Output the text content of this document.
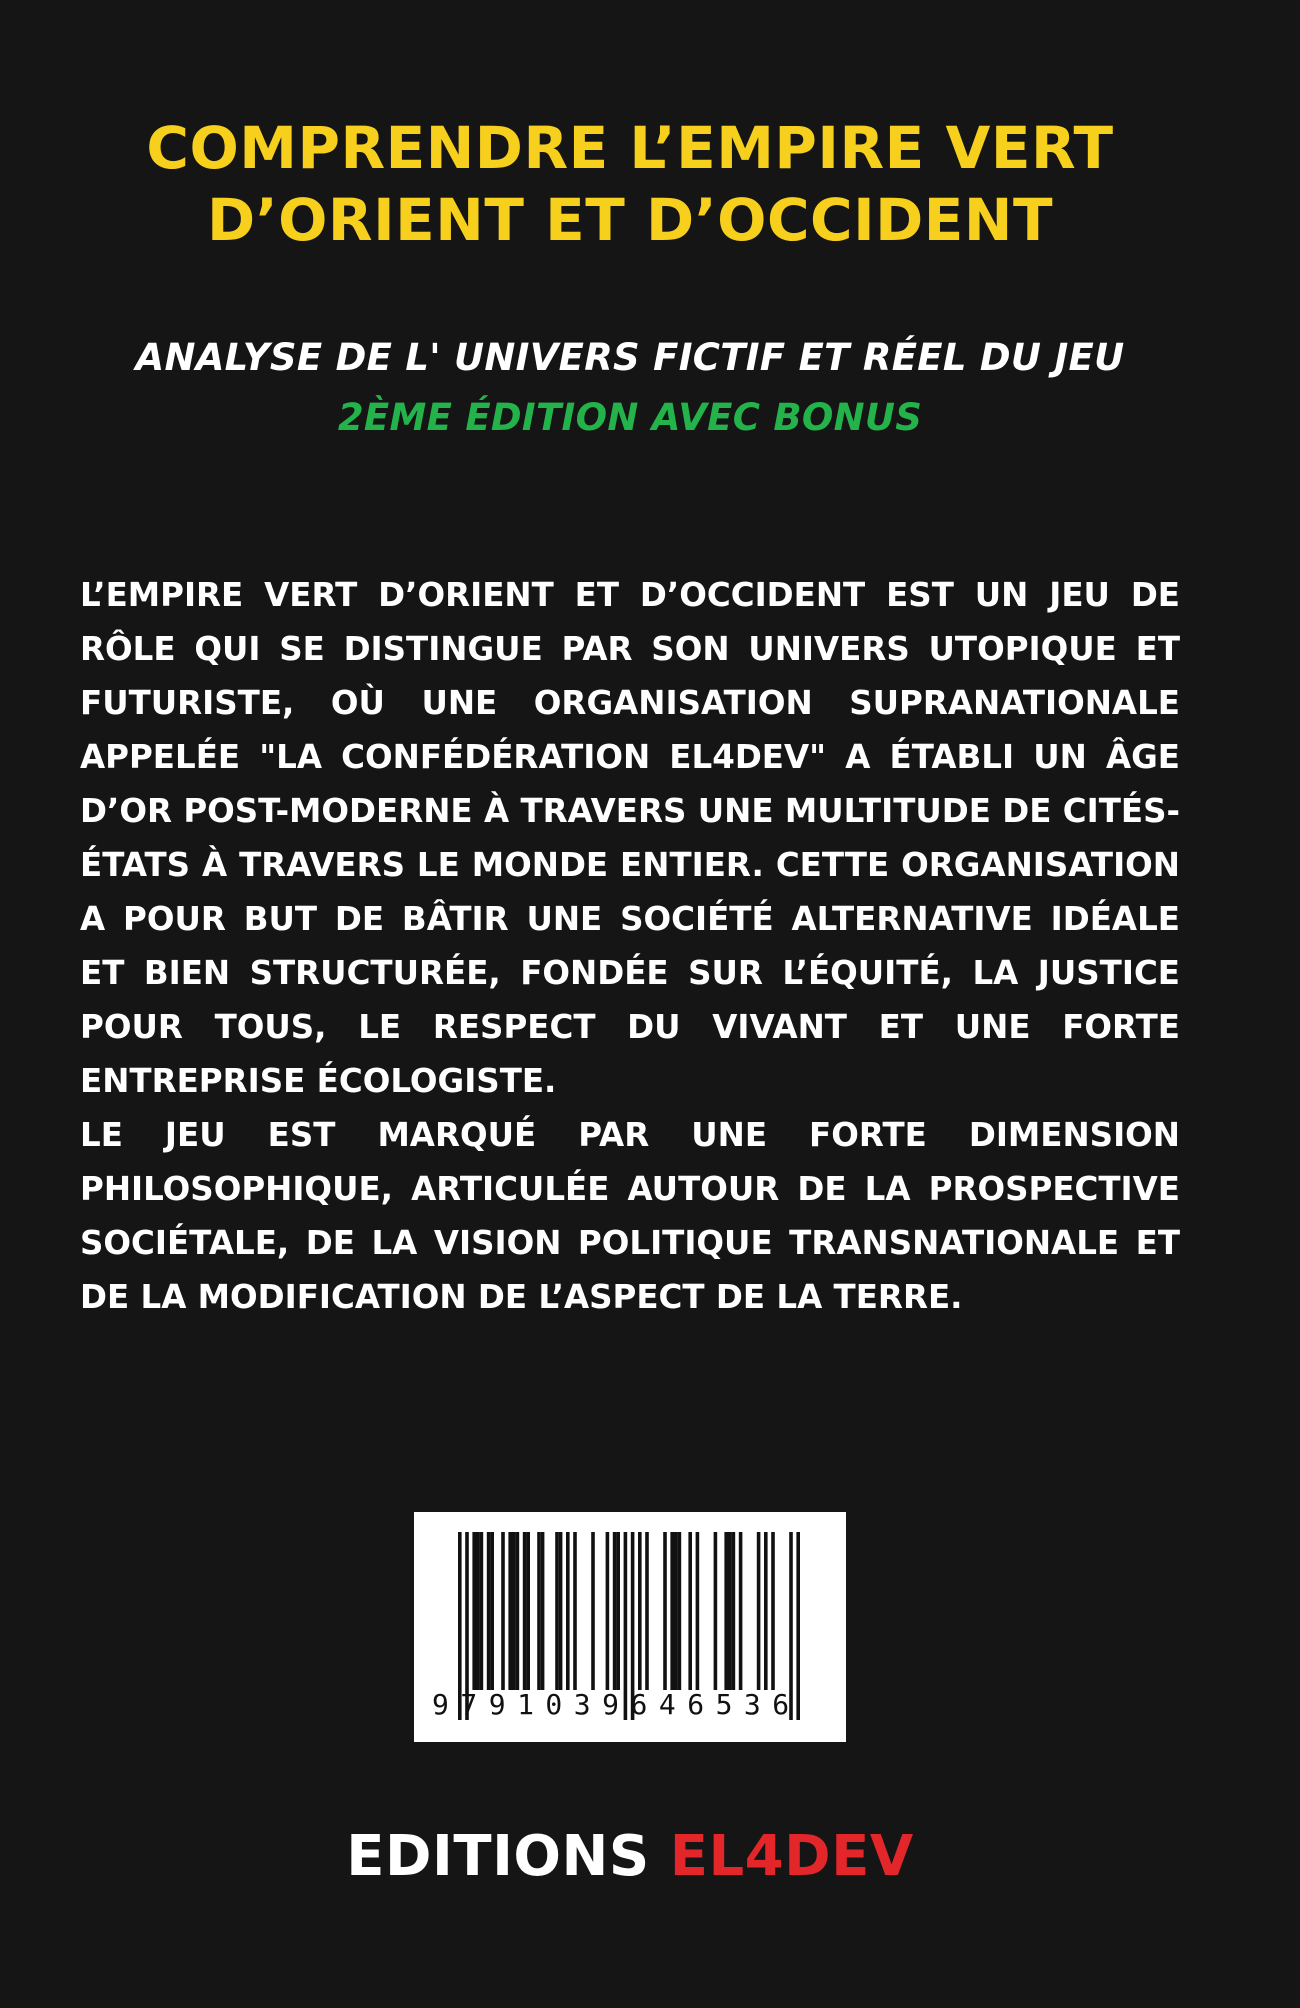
COMPRENDRE L’EMPIRE VERT
D’ORIENT ET D’OCCIDENT
ANALYSE DE L' UNIVERS FICTIF ET RÉEL DU JEU
2ÈME ÉDITION AVEC BONUS

L’EMPIRE VERT D’ORIENT ET D’OCCIDENT EST UN JEU DE RÔLE QUI SE DISTINGUE PAR SON UNIVERS UTOPIQUE ET FUTURISTE, OÙ UNE ORGANISATION SUPRANATIONALE APPELÉE "LA CONFÉDÉRATION EL4DEV" A ÉTABLI UN ÂGE D’OR POST-MODERNE À TRAVERS UNE MULTITUDE DE CITÉS-ÉTATS À TRAVERS LE MONDE ENTIER. CETTE ORGANISATION A POUR BUT DE BÂTIR UNE SOCIÉTÉ ALTERNATIVE IDÉALE ET BIEN STRUCTURÉE, FONDÉE SUR L’ÉQUITÉ, LA JUSTICE POUR TOUS, LE RESPECT DU VIVANT ET UNE FORTE ENTREPRISE ÉCOLOGISTE.

LE JEU EST MARQUÉ PAR UNE FORTE DIMENSION PHILOSOPHIQUE, ARTICULÉE AUTOUR DE LA PROSPECTIVE SOCIÉTALE, DE LA VISION POLITIQUE TRANSNATIONALE ET DE LA MODIFICATION DE L’ASPECT DE LA TERRE.

9791039646536
EDITIONS EL4DEV
